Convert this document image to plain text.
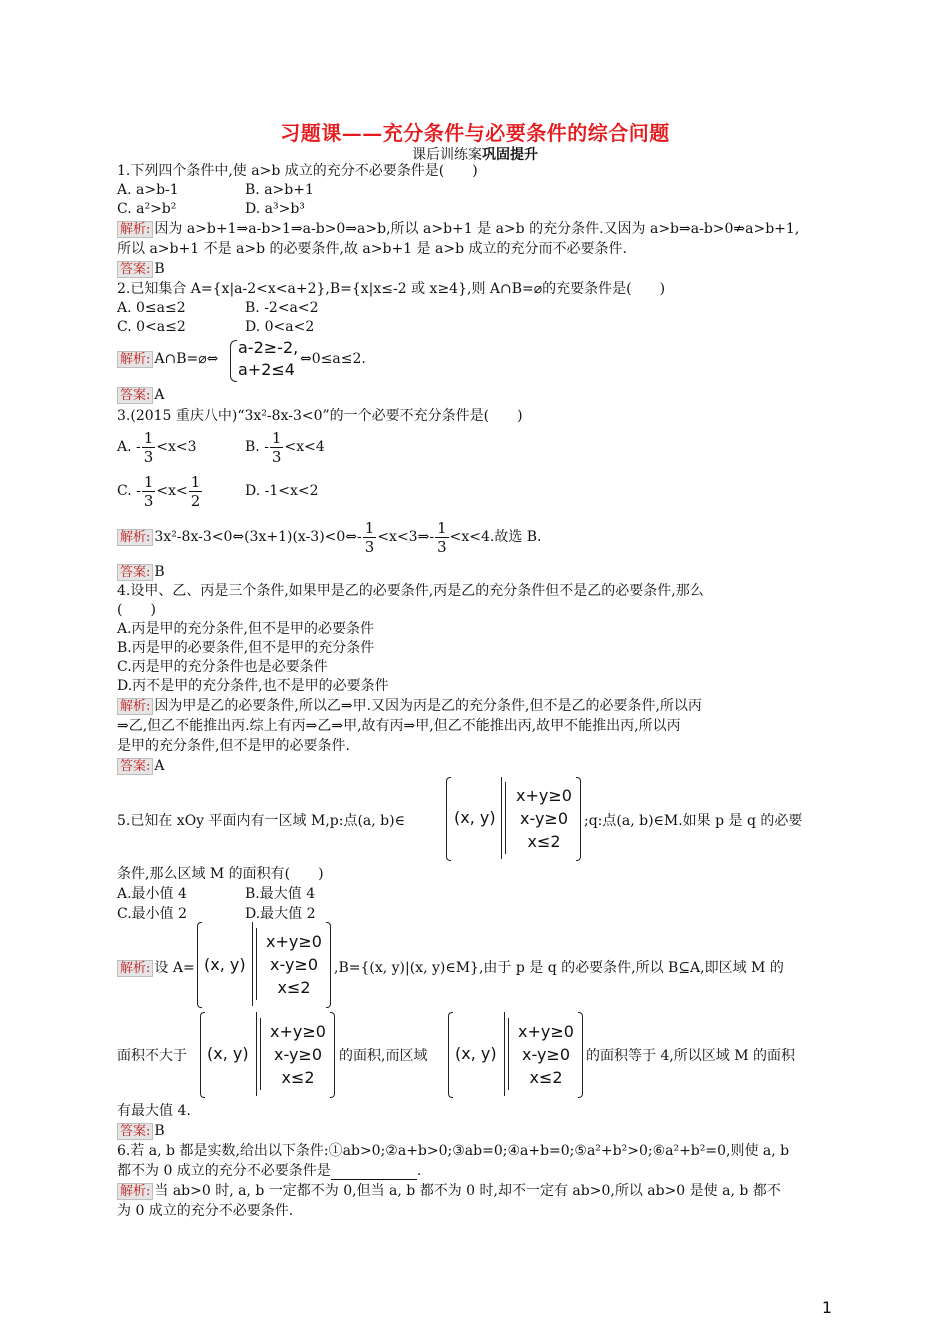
习题课——充分条件与必要条件的综合问题
课后训练案巩固提升
1.下列四个条件中,使 a>b 成立的充分不必要条件是(　　)
A. a>b-1	B. a>b+1
C. a²>b²	D. a³>b³
解析: 因为 a>b+1⇒a-b>1⇒a-b>0⇒a>b,所以 a>b+1 是 a>b 的充分条件.又因为 a>b⇒a-b>0⇏a>b+1,
所以 a>b+1 不是 a>b 的必要条件,故 a>b+1 是 a>b 成立的充分而不必要条件.
答案: B
2.已知集合 A={x|a-2<x<a+2},B={x|x≤-2 或 x≥4},则 A∩B=⌀的充要条件是(　　)
A. 0≤a≤2	B. -2<a<2
C. 0<a≤2	D. 0<a<2
解析: A∩B=⌀⇔
a-2≥-2,
a+2≤4
⇔0≤a≤2.
答案: A
3.(2015 重庆八中)“3x²-8x-3<0”的一个必要不充分条件是(　　)
A. - $\frac{1}{3} <x<3$	B. - $\frac{1}{3} <x<4$
C. - $\frac{1}{3} <x< \frac{1}{2}$	D. -1<x<2
解析: 3x²-8x-3<0⇔(3x+1)(x-3)<0⇔- $\frac{1}{3}$ <x<3⇒- $\frac{1}{3} <x<4$.故选 B.
答案: B
4.设甲、乙、丙是三个条件,如果甲是乙的必要条件,丙是乙的充分条件但不是乙的必要条件,那么
(　　)
A.丙是甲的充分条件,但不是甲的必要条件
B.丙是甲的必要条件,但不是甲的充分条件
C.丙是甲的充分条件也是必要条件
D.丙不是甲的充分条件,也不是甲的必要条件
解析: 因为甲是乙的必要条件,所以乙⇒甲.又因为丙是乙的充分条件,但不是乙的必要条件,所以丙
⇒乙,但乙不能推出丙.综上有丙⇒乙⇒甲,故有丙⇒甲,但乙不能推出丙,故甲不能推出丙,所以丙
是甲的充分条件,但不是甲的必要条件.
答案: A
5.已知在 xOy 平面内有一区域 M,p:点(a, b)∈	(x, y)
x+y≥0
x-y≥0
x≤2
;q:点(a, b)∈M.如果 p 是 q 的必要
条件,那么区域 M 的面积有(　　)
A.最小值 4	B.最大值 4
C.最小值 2	D.最大值 2
解析: 设 A= (x, y)
x+y≥0
x-y≥0
x≤2
,B={(x, y)|(x, y)∈M},由于 p 是 q 的必要条件,所以 B⊆A,即区域 M 的
面积不大于 (x, y)
x+y≥0
x-y≥0
x≤2
的面积,而区域 (x, y)
x+y≥0
x-y≥0
x≤2
的面积等于 4,所以区域 M 的面积
有最大值 4.
答案: B
6.若 a, b 都是实数,给出以下条件:①ab>0;②a+b>0;③ab=0;④a+b=0;⑤a²+b²>0;⑥a²+b²=0,则使 a, b
都不为 0 成立的充分不必要条件是	.
解析: 当 ab>0 时, a, b 一定都不为 0,但当 a, b 都不为 0 时,却不一定有 ab>0,所以 ab>0 是使 a, b 都不
为 0 成立的充分不必要条件.
1
